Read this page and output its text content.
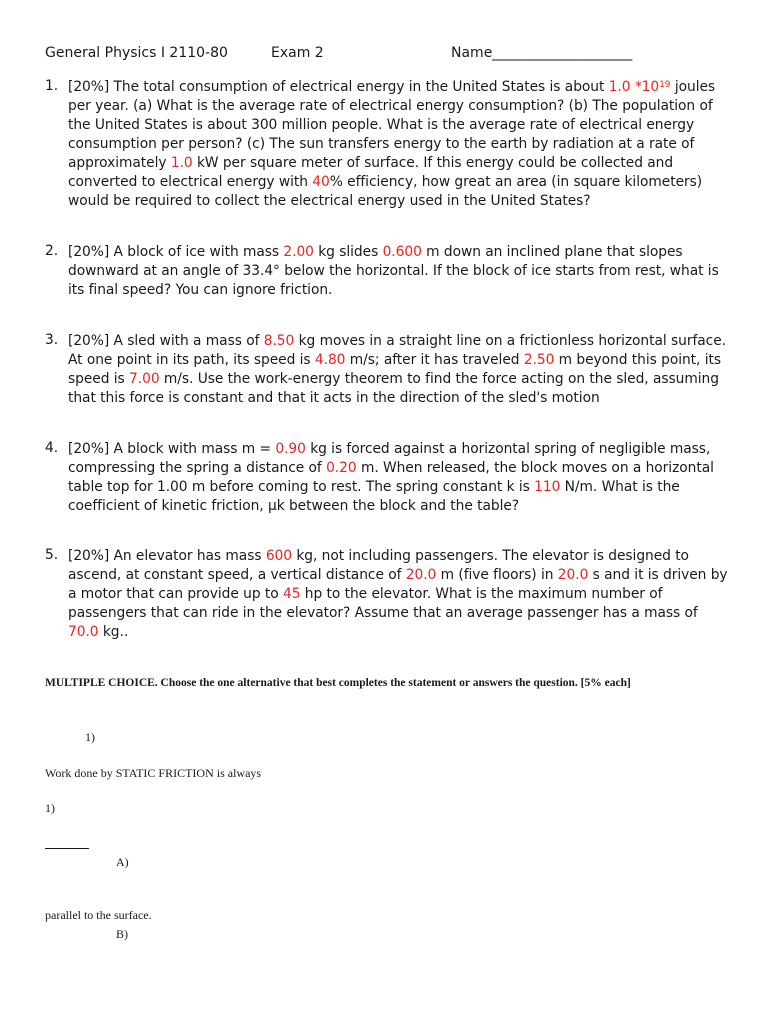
General Physics I 2110-80	Exam 2	Name____________________
1. [20%] The total consumption of electrical energy in the United States is about 1.0 $*10^{19}$ joules per year. (a) What is the average rate of electrical energy consumption? (b) The population of the United States is about 300 million people. What is the average rate of electrical energy consumption per person? (c) The sun transfers energy to the earth by radiation at a rate of approximately 1.0 kW per square meter of surface. If this energy could be collected and converted to electrical energy with 40% efficiency, how great an area (in square kilometers) would be required to collect the electrical energy used in the United States?
2. [20%] A block of ice with mass 2.00 kg slides 0.600 m down an inclined plane that slopes downward at an angle of 33.4° below the horizontal. If the block of ice starts from rest, what is its final speed? You can ignore friction.
3. [20%] A sled with a mass of 8.50 kg moves in a straight line on a frictionless horizontal surface. At one point in its path, its speed is 4.80 m/s; after it has traveled 2.50 m beyond this point, its speed is 7.00 m/s. Use the work-energy theorem to find the force acting on the sled, assuming that this force is constant and that it acts in the direction of the sled's motion
4. [20%] A block with mass m = 0.90 kg is forced against a horizontal spring of negligible mass, compressing the spring a distance of 0.20 m. When released, the block moves on a horizontal table top for 1.00 m before coming to rest. The spring constant k is 110 N/m. What is the coefficient of kinetic friction, µk between the block and the table?
5. [20%] An elevator has mass 600 kg, not including passengers. The elevator is designed to ascend, at constant speed, a vertical distance of 20.0 m (five floors) in 20.0 s and it is driven by a motor that can provide up to 45 hp to the elevator. What is the maximum number of passengers that can ride in the elevator? Assume that an average passenger has a mass of 70.0 kg..
MULTIPLE CHOICE. Choose the one alternative that best completes the statement or answers the question. [5% each]
1)
Work done by STATIC FRICTION is always
1)
A)
parallel to the surface.
B)
